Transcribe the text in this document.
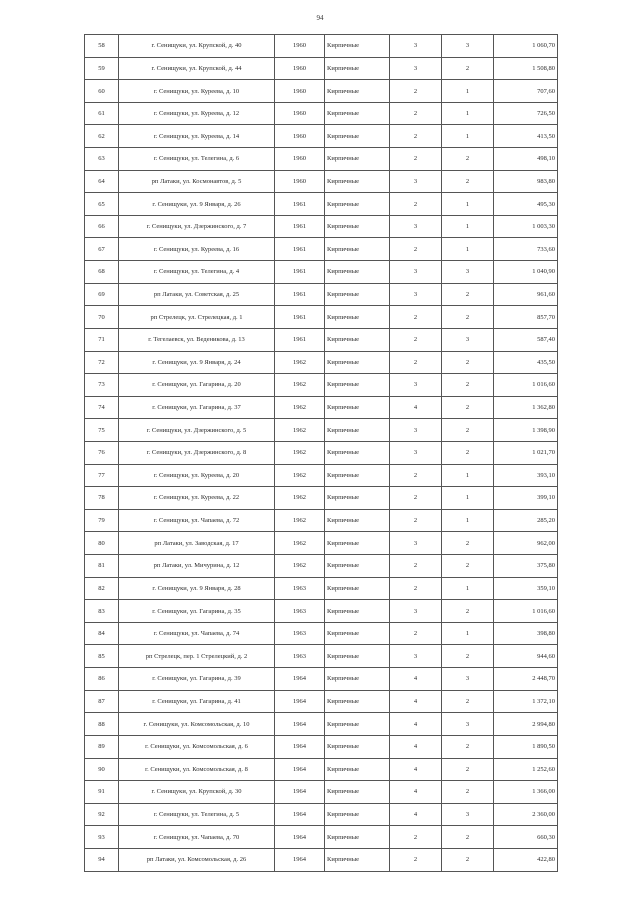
94
58	г. Сенищуки, ул. Крупской, д. 40	1960	Кирпичные	3	3	1 060,70
59	г. Сенищуки, ул. Крупской, д. 44	1960	Кирпичные	3	2	1 508,80
60	г. Сенищуки, ул. Куреева, д. 10	1960	Кирпичные	2	1	707,60
61	г. Сенищуки, ул. Куреева, д. 12	1960	Кирпичные	2	1	726,50
62	г. Сенищуки, ул. Куреева, д. 14	1960	Кирпичные	2	1	413,50
63	г. Сенищуки, ул. Телегина, д. 6	1960	Кирпичные	2	2	498,10
64	рп Латаки, ул. Космонавтов, д. 5	1960	Кирпичные	3	2	983,80
65	г. Сенищуки, ул. 9 Января, д. 26	1961	Кирпичные	2	1	495,30
66	г. Сенищуки, ул. Дзержинского, д. 7	1961	Кирпичные	3	1	1 003,30
67	г. Сенищуки, ул. Куреева, д. 16	1961	Кирпичные	2	1	733,60
68	г. Сенищуки, ул. Телегина, д. 4	1961	Кирпичные	3	3	1 040,90
69	рп Латаки, ул. Советская, д. 25	1961	Кирпичные	3	2	961,60
70	рп Стрелецк, ул. Стрелецкая, д. 1	1961	Кирпичные	2	2	857,70
71	г. Тегелаевск, ул. Веденикова, д. 13	1961	Кирпичные	2	3	587,40
72	г. Сенищуки, ул. 9 Января, д. 24	1962	Кирпичные	2	2	435,50
73	г. Сенищуки, ул. Гагарина, д. 20	1962	Кирпичные	3	2	1 016,60
74	г. Сенищуки, ул. Гагарина, д. 37	1962	Кирпичные	4	2	1 362,80
75	г. Сенищуки, ул. Дзержинского, д. 5	1962	Кирпичные	3	2	1 398,90
76	г. Сенищуки, ул. Дзержинского, д. 8	1962	Кирпичные	3	2	1 021,70
77	г. Сенищуки, ул. Куреева, д. 20	1962	Кирпичные	2	1	393,10
78	г. Сенищуки, ул. Куреева, д. 22	1962	Кирпичные	2	1	399,10
79	г. Сенищуки, ул. Чапаева, д. 72	1962	Кирпичные	2	1	285,20
80	рп Латаки, ул. Заводская, д. 17	1962	Кирпичные	3	2	962,00
81	рп Латаки, ул. Мичурина, д. 12	1962	Кирпичные	2	2	375,80
82	г. Сенищуки, ул. 9 Января, д. 28	1963	Кирпичные	2	1	359,10
83	г. Сенищуки, ул. Гагарина, д. 35	1963	Кирпичные	3	2	1 016,60
84	г. Сенищуки, ул. Чапаева, д. 74	1963	Кирпичные	2	1	398,80
85	рп Стрелецк, пер. 1 Стрелецкий, д. 2	1963	Кирпичные	3	2	944,60
86	г. Сенищуки, ул. Гагарина, д. 39	1964	Кирпичные	4	3	2 448,70
87	г. Сенищуки, ул. Гагарина, д. 41	1964	Кирпичные	4	2	1 372,10
88	г. Сенищуки, ул. Комсомольская, д. 10	1964	Кирпичные	4	3	2 994,80
89	г. Сенищуки, ул. Комсомольская, д. 6	1964	Кирпичные	4	2	1 890,50
90	г. Сенищуки, ул. Комсомольская, д. 8	1964	Кирпичные	4	2	1 252,60
91	г. Сенищуки, ул. Крупской, д. 30	1964	Кирпичные	4	2	1 366,00
92	г. Сенищуки, ул. Телегина, д. 5	1964	Кирпичные	4	3	2 360,00
93	г. Сенищуки, ул. Чапаева, д. 70	1964	Кирпичные	2	2	660,30
94	рп Латаки, ул. Комсомольская, д. 26	1964	Кирпичные	2	2	422,80
